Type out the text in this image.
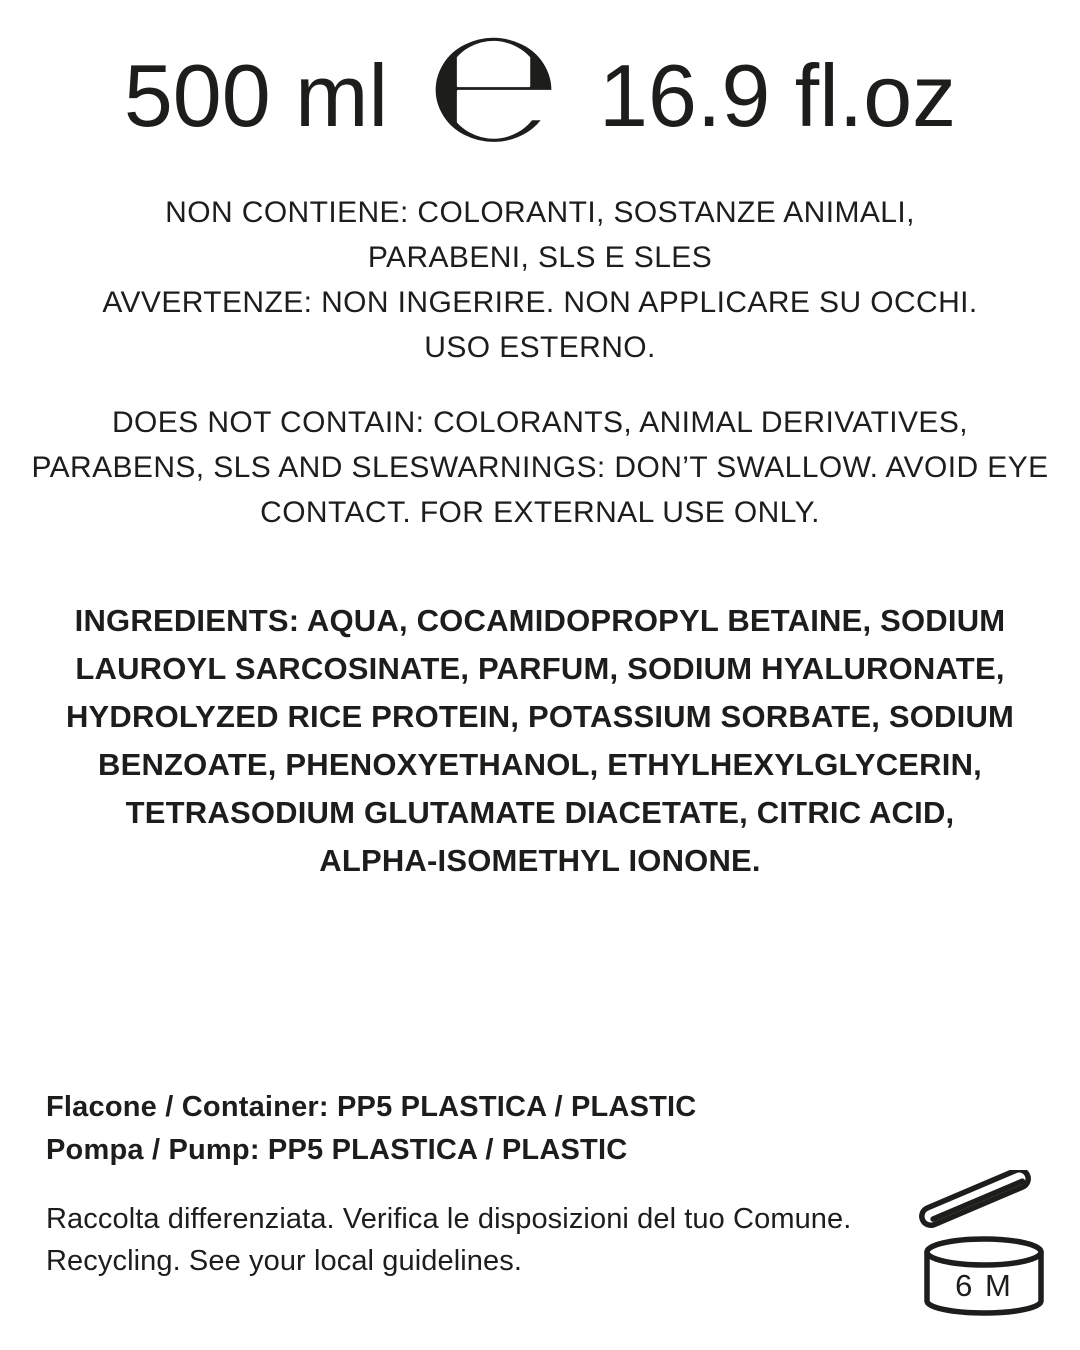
500 ml ℮ 16.9 fl.oz
NON CONTIENE: COLORANTI, SOSTANZE ANIMALI,
PARABENI, SLS E SLES
AVVERTENZE: NON INGERIRE. NON APPLICARE SU OCCHI.
USO ESTERNO.
DOES NOT CONTAIN: COLORANTS, ANIMAL DERIVATIVES,
PARABENS, SLS AND SLESWARNINGS: DON’T SWALLOW. AVOID EYE
CONTACT. FOR EXTERNAL USE ONLY.
INGREDIENTS: AQUA, COCAMIDOPROPYL BETAINE, SODIUM
LAUROYL SARCOSINATE, PARFUM, SODIUM HYALURONATE,
HYDROLYZED RICE PROTEIN, POTASSIUM SORBATE, SODIUM
BENZOATE, PHENOXYETHANOL, ETHYLHEXYLGLYCERIN,
TETRASODIUM GLUTAMATE DIACETATE, CITRIC ACID,
ALPHA-ISOMETHYL IONONE.
Flacone / Container: PP5 PLASTICA / PLASTIC
Pompa / Pump: PP5 PLASTICA / PLASTIC
Raccolta differenziata. Verifica le disposizioni del tuo Comune.
Recycling. See your local guidelines.
6 M
